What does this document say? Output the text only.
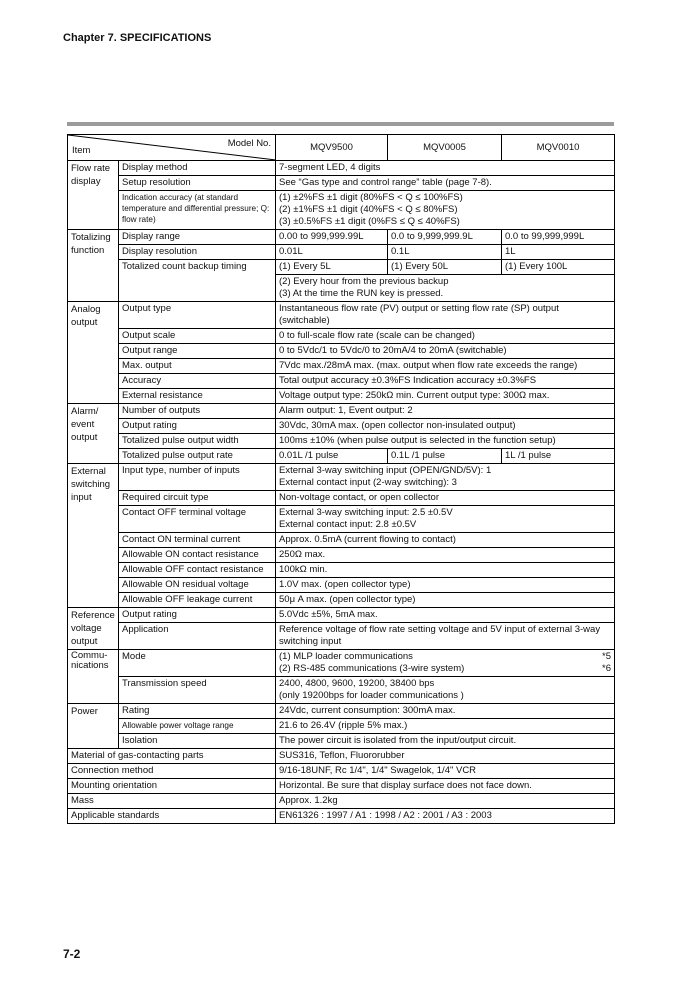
Chapter 7. SPECIFICATIONS
Model No.
Item		MQV9500	MQV0005	MQV0010
Flow rate display	Display method	7-segment LED, 4 digits		
	Setup resolution	See “Gas type and control range” table (page 7-8).		
	Indication accuracy (at standard temperature and differential pressure; Q: flow rate)	(1) ±2%FS ±1 digit (80%FS < Q ≤ 100%FS)
(2) ±1%FS ±1 digit (40%FS < Q ≤ 80%FS)
(3) ±0.5%FS ±1 digit (0%FS ≤ Q ≤ 40%FS)		

Totalizing function	Display range	0.00 to 999,999.99L	0.0 to 9,999,999.9L	0.0 to 99,999,999L
	Display resolution	0.01L	0.1L	1L
	Totalized count backup timing	(1) Every 5L	(1) Every 50L	(1) Every 100L

		(2) Every hour from the previous backup
(3) At the time the RUN key is pressed.		

Analog output	Output type	Instantaneous flow rate (PV) output or setting flow rate (SP) output (switchable)		
	Output scale	0 to full-scale flow rate (scale can be changed)		
	Output range	0 to 5Vdc/1 to 5Vdc/0 to 20mA/4 to 20mA (switchable)		
	Max. output	7Vdc max./28mA max. (max. output when flow rate exceeds the range)		
	Accuracy	Total output accuracy ±0.3%FS Indication accuracy ±0.3%FS		
	External resistance	Voltage output type: 250kΩ min. Current output type: 300Ω max.		
Alarm/ event output	Number of outputs	Alarm output: 1, Event output: 2		
	Output rating	30Vdc, 30mA max. (open collector non-insulated output)		
	Totalized pulse output width	100ms ±10% (when pulse output is selected in the function setup)		
	Totalized pulse output rate	0.01L /1 pulse	0.1L /1 pulse	1L /1 pulse
External switching input	Input type, number of inputs	External 3-way switching input (OPEN/GND/5V): 1
External contact input (2-way switching): 3		

	Required circuit type	Non-voltage contact, or open collector		
	Contact OFF terminal voltage	External 3-way switching input: 2.5 ±0.5V
External contact input: 2.8 ±0.5V		

	Contact ON terminal current	Approx. 0.5mA (current flowing to contact)		
	Allowable ON contact resistance	250Ω max.		
	Allowable OFF contact resistance	100kΩ min.		
	Allowable ON residual voltage	1.0V max. (open collector type)		
	Allowable OFF leakage current	50μ A max. (open collector type)		
Reference voltage output	Output rating	5.0Vdc ±5%, 5mA max.		
	Application	Reference voltage of flow rate setting voltage and 5V input of external 3-way switching input		
Commu-nications	Mode	(1) MLP loader communications *5
(2) RS-485 communications (3-wire system) *6		

	Transmission speed	2400, 4800, 9600, 19200, 38400 bps
(only 19200bps for loader communications )		

Power	Rating	24Vdc, current consumption: 300mA max.		
	Allowable power voltage range	21.6 to 26.4V (ripple 5% max.)		
	Isolation	The power circuit is isolated from the input/output circuit.		
Material of gas-contacting parts		SUS316, Teflon, Fluororubber		
Connection method		9/16-18UNF, Rc 1/4", 1/4" Swagelok, 1/4" VCR		
Mounting orientation		Horizontal. Be sure that display surface does not face down.		
Mass		Approx. 1.2kg		
Applicable standards		EN61326 : 1997 / A1 : 1998 / A2 : 2001 / A3 : 2003		
7-2
